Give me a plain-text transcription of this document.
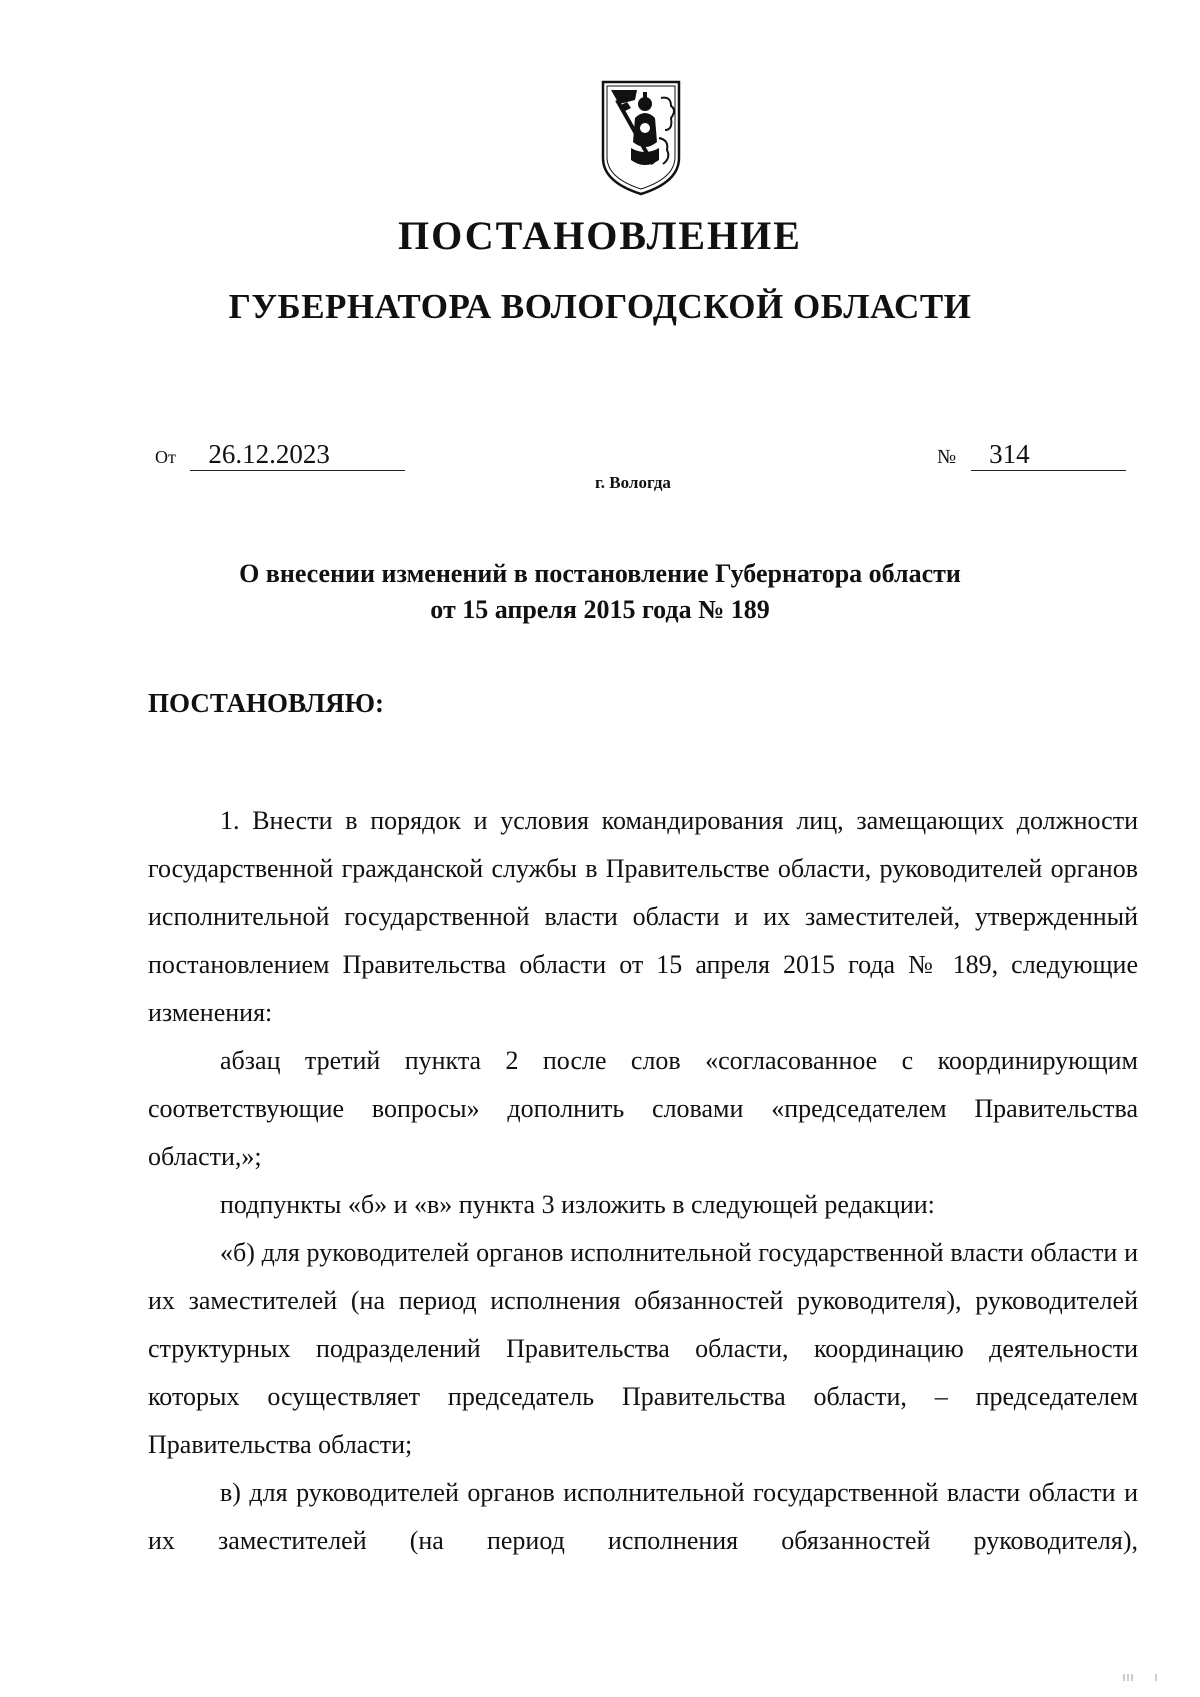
ПОСТАНОВЛЕНИЕ
ГУБЕРНАТОРА ВОЛОГОДСКОЙ ОБЛАСТИ
От 26.12.2023	№ 314
г. Вологда
О внесении изменений в постановление Губернатора области
от 15 апреля 2015 года № 189
ПОСТАНОВЛЯЮ:

1. Внести в порядок и условия командирования лиц, замещающих должности государственной гражданской службы в Правительстве области, руководителей органов исполнительной государственной власти области и их заместителей, утвержденный постановлением Правительства области от 15 апреля 2015 года № 189, следующие изменения:

абзац третий пункта 2 после слов «согласованное с координирующим соответствующие вопросы» дополнить словами «председателем Правительства области,»;

подпункты «б» и «в» пункта 3 изложить в следующей редакции:

«б) для руководителей органов исполнительной государственной власти области и их заместителей (на период исполнения обязанностей руководителя), руководителей структурных подразделений Правительства области, координацию деятельности которых осуществляет председатель Правительства области, – председателем Правительства области;

в) для руководителей органов исполнительной государственной власти области и их заместителей (на период исполнения обязанностей руководителя),
